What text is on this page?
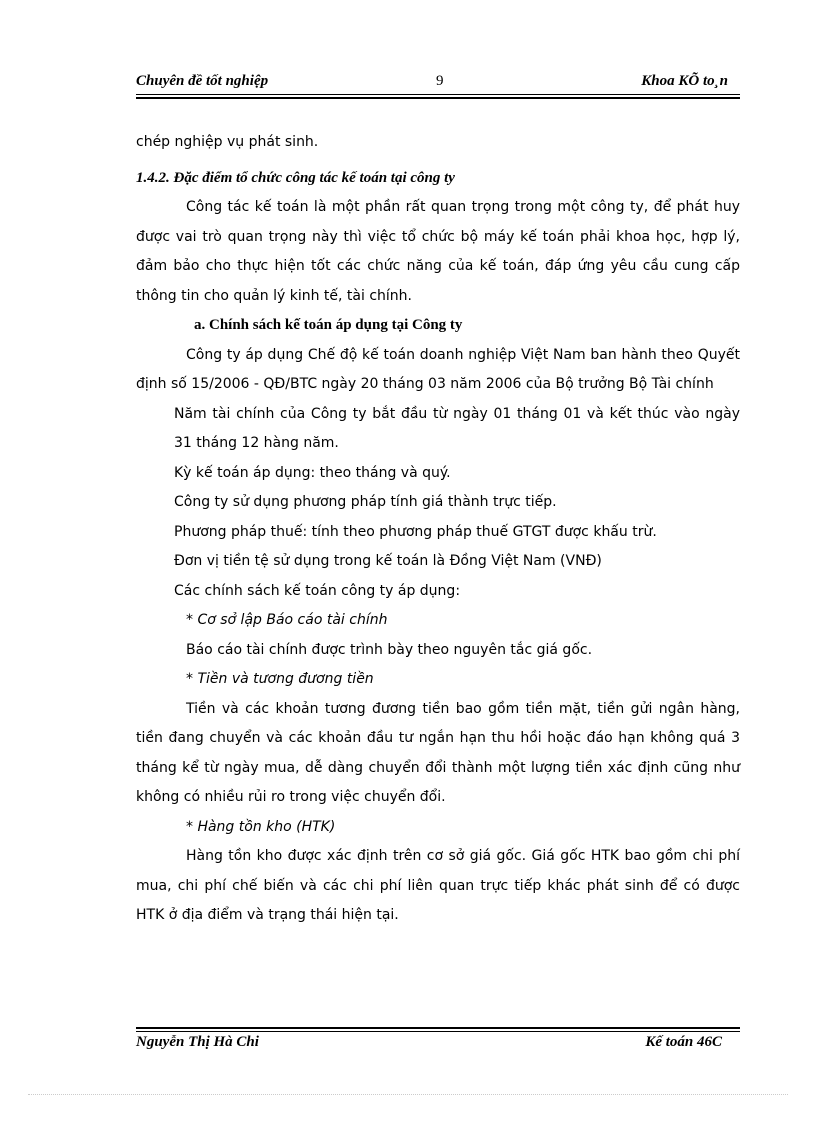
Chuyên đề tốt nghiệp	9	Khoa KÕ to¸n

chép nghiệp vụ phát sinh.

1.4.2. Đặc điểm tổ chức công tác kế toán tại công ty

Công tác kế toán là một phần rất quan trọng trong một công ty, để phát huy được vai trò quan trọng này thì việc tổ chức bộ máy kế toán phải khoa học, hợp lý, đảm bảo cho thực hiện tốt các chức năng của kế toán, đáp ứng yêu cầu cung cấp thông tin cho quản lý kinh tế, tài chính.

a. Chính sách kế toán áp dụng tại Công ty

Công ty áp dụng Chế độ kế toán doanh nghiệp Việt Nam ban hành theo Quyết định số 15/2006 - QĐ/BTC ngày 20 tháng 03 năm 2006 của Bộ trưởng Bộ Tài chính

Năm tài chính của Công ty bắt đầu từ ngày 01 tháng 01 và kết thúc vào ngày 31 tháng 12 hàng năm.

Kỳ kế toán áp dụng: theo tháng và quý.

Công ty sử dụng phương pháp tính giá thành trực tiếp.

Phương pháp thuế: tính theo phương pháp thuế GTGT được khấu trừ.

Đơn vị tiền tệ sử dụng trong kế toán là Đồng Việt Nam (VNĐ)

Các chính sách kế toán công ty áp dụng:

* Cơ sở lập Báo cáo tài chính

Báo cáo tài chính được trình bày theo nguyên tắc giá gốc.

* Tiền và tương đương tiền

Tiền và các khoản tương đương tiền bao gồm tiền mặt, tiền gửi ngân hàng, tiền đang chuyển và các khoản đầu tư ngắn hạn thu hồi hoặc đáo hạn không quá 3 tháng kể từ ngày mua, dễ dàng chuyển đổi thành một lượng tiền xác định cũng như không có nhiều rủi ro trong việc chuyển đổi.

* Hàng tồn kho (HTK)

Hàng tồn kho được xác định trên cơ sở giá gốc. Giá gốc HTK bao gồm chi phí mua, chi phí chế biến và các chi phí liên quan trực tiếp khác phát sinh để có được HTK ở địa điểm và trạng thái hiện tại.

Nguyễn Thị Hà Chi	Kế toán 46C
